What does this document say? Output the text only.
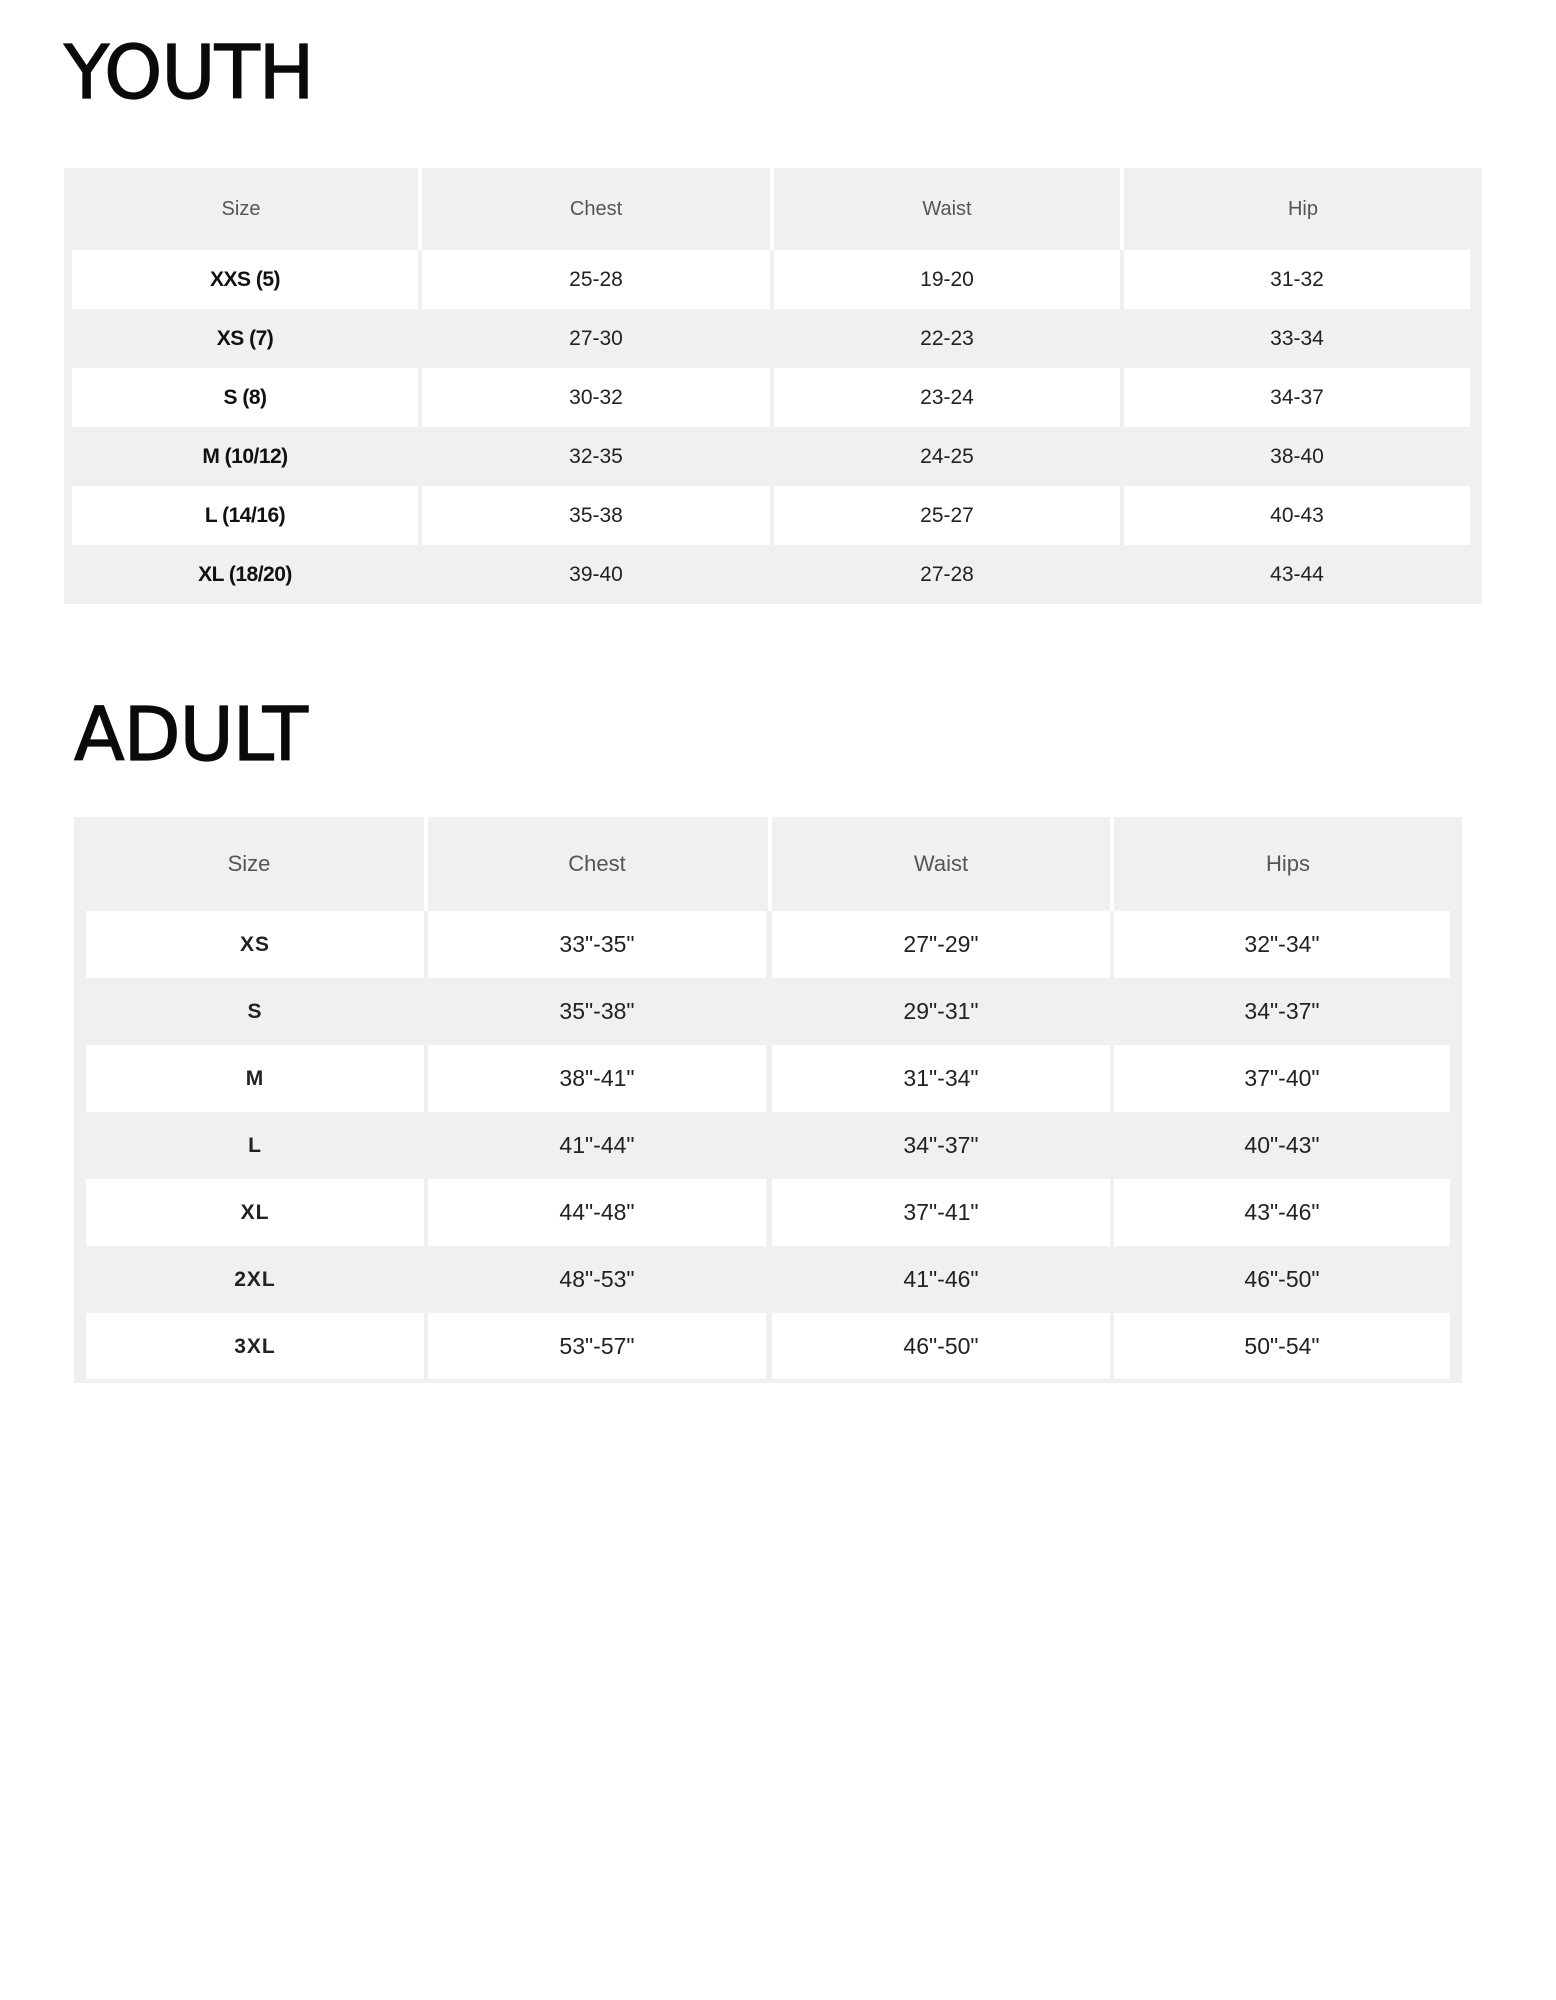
YOUTH
Size	Chest	Waist	Hip
XXS (5)	25-28	19-20	31-32
XS (7)	27-30	22-23	33-34
S (8)	30-32	23-24	34-37
M (10/12)	32-35	24-25	38-40
L (14/16)	35-38	25-27	40-43
XL (18/20)	39-40	27-28	43-44
ADULT
Size	Chest	Waist	Hips
XS	33"-35"	27"-29"	32"-34"
S	35"-38"	29"-31"	34"-37"
M	38"-41"	31"-34"	37"-40"
L	41"-44"	34"-37"	40"-43"
XL	44"-48"	37"-41"	43"-46"
2XL	48"-53"	41"-46"	46"-50"
3XL	53"-57"	46"-50"	50"-54"
